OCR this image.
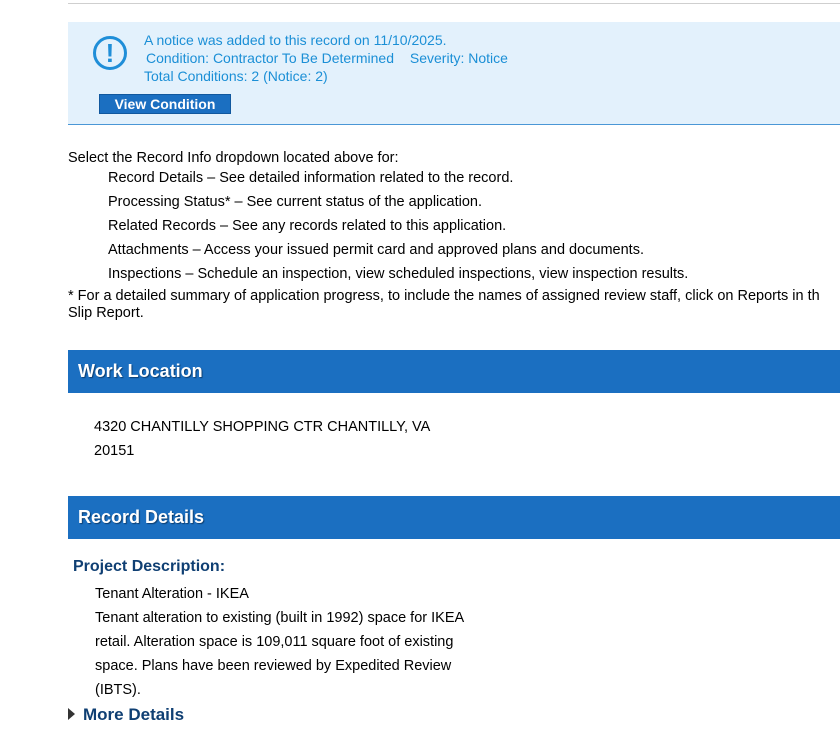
!	A notice was added to this record on 11/10/2025.
Condition: Contractor To Be Determined Severity: Notice
Total Conditions: 2 (Notice: 2)
View Condition
Select the Record Info dropdown located above for:
Record Details – See detailed information related to the record.
Processing Status* – See current status of the application.
Related Records – See any records related to this application.
Attachments – Access your issued permit card and approved plans and documents.
Inspections – Schedule an inspection, view scheduled inspections, view inspection results.
* For a detailed summary of application progress, to include the names of assigned review staff, click on Reports in th
Slip Report.
Work Location
4320 CHANTILLY SHOPPING CTR CHANTILLY, VA
20151
Record Details
Project Description:
Tenant Alteration - IKEA
Tenant alteration to existing (built in 1992) space for IKEA
retail. Alteration space is 109,011 square foot of existing
space. Plans have been reviewed by Expedited Review
(IBTS).
More Details
